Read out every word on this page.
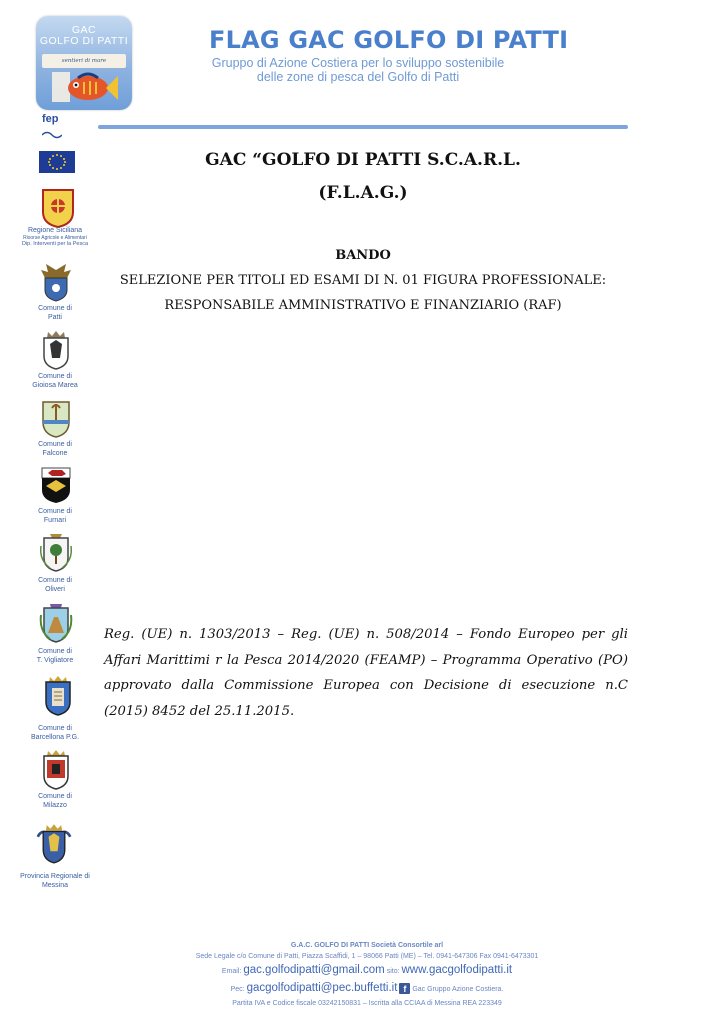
GAC
GOLFO DI PATTI
sentieri di mare
FLAG GAC GOLFO DI PATTI
Gruppo di Azione Costiera per lo sviluppo sostenibile
delle zone di pesca del Golfo di Patti
fep
Regione Siciliana
Risorse Agricole e Alimentari
Dip. Interventi per la Pesca
Comune di
Patti
Comune di
Gioiosa Marea
Comune di
Falcone
Comune di
Furnari
Comune di
Oliveri
Comune di
T. Vigliatore
Comune di
Barcellona P.G.
Comune di
Milazzo
Provincia Regionale di
Messina
GAC “GOLFO DI PATTI S.C.A.R.L.
(F.L.A.G.)
BANDO
SELEZIONE PER TITOLI ED ESAMI DI N. 01 FIGURA PROFESSIONALE:
RESPONSABILE AMMINISTRATIVO E FINANZIARIO (RAF)
Reg. (UE) n. 1303/2013 – Reg. (UE) n. 508/2014 – Fondo Europeo per gli Affari Marittimi r la Pesca 2014/2020 (FEAMP) – Programma Operativo (PO) approvato dalla Commissione Europea con Decisione di esecuzione n.C (2015) 8452 del 25.11.2015.
G.A.C. GOLFO DI PATTI Società Consortile arl
Sede Legale c/o Comune di Patti, Piazza Scaffidi, 1 – 98066 Patti (ME) – Tel. 0941-647306 Fax 0941-6473301
Email: gac.golfodipatti@gmail.com sito: www.gacgolfodipatti.it
Pec: gacgolfodipatti@pec.buffetti.it f Gac Gruppo Azione Costiera.
Partita IVA e Codice fiscale 03242150831 – Iscritta alla CCIAA di Messina REA 223349
